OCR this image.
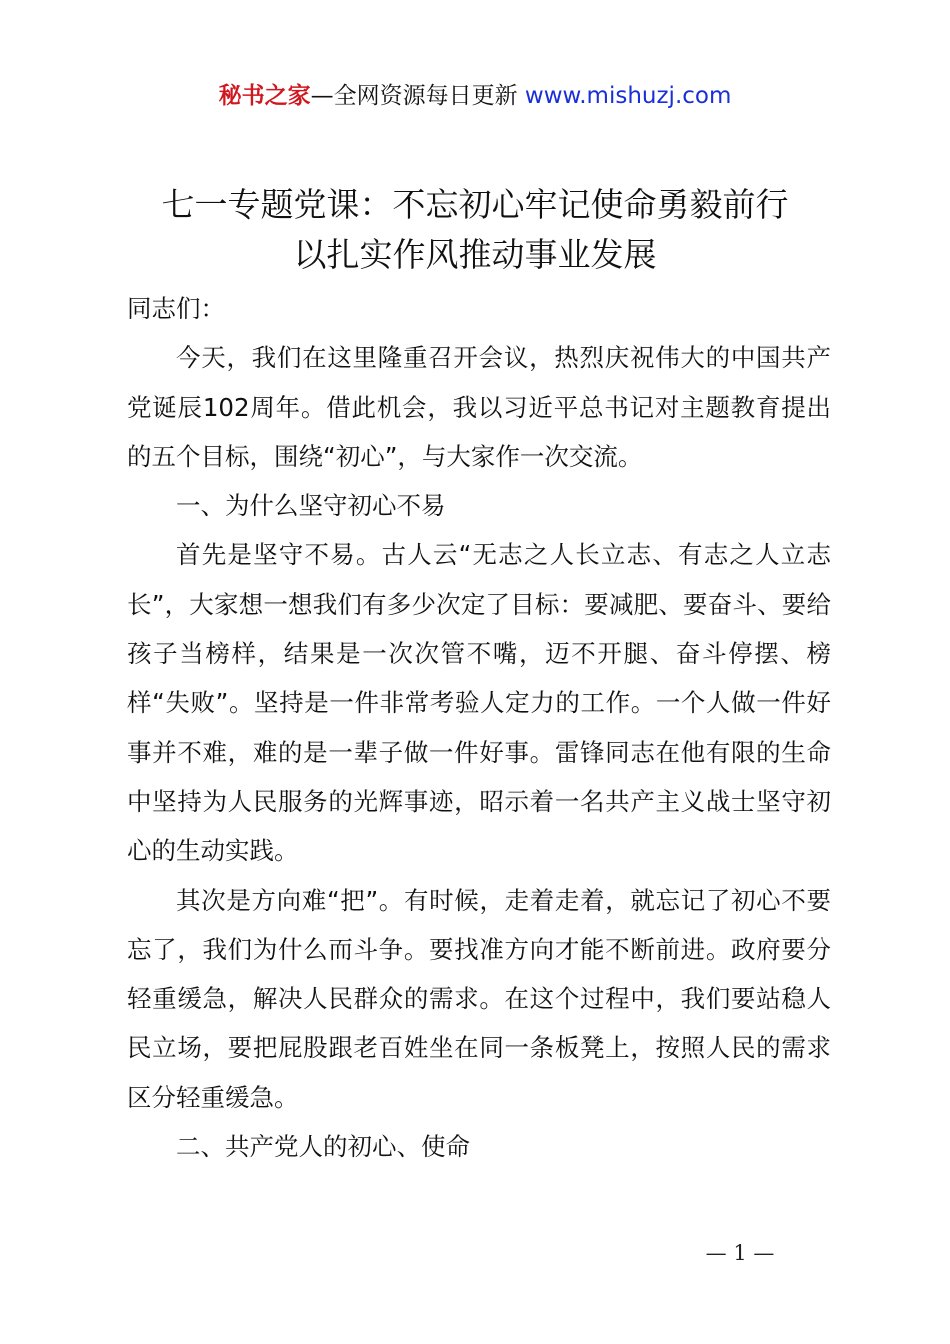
秘书之家—全网资源每日更新 www.mishuzj.com
七一专题党课：不忘初心牢记使命勇毅前行
以扎实作风推动事业发展

同志们：

今天，我们在这里隆重召开会议，热烈庆祝伟大的中国共产党诞辰102周年。借此机会，我以习近平总书记对主题教育提出的五个目标，围绕“初心”，与大家作一次交流。

一、为什么坚守初心不易

首先是坚守不易。古人云“无志之人长立志、有志之人立志长”，大家想一想我们有多少次定了目标：要减肥、要奋斗、要给孩子当榜样，结果是一次次管不嘴，迈不开腿、奋斗停摆、榜样“失败”。坚持是一件非常考验人定力的工作。一个人做一件好事并不难，难的是一辈子做一件好事。雷锋同志在他有限的生命中坚持为人民服务的光辉事迹，昭示着一名共产主义战士坚守初心的生动实践。

其次是方向难“把”。有时候，走着走着，就忘记了初心不要忘了，我们为什么而斗争。要找准方向才能不断前进。政府要分轻重缓急，解决人民群众的需求。在这个过程中，我们要站稳人民立场，要把屁股跟老百姓坐在同一条板凳上，按照人民的需求区分轻重缓急。

二、共产党人的初心、使命

— 1 —
